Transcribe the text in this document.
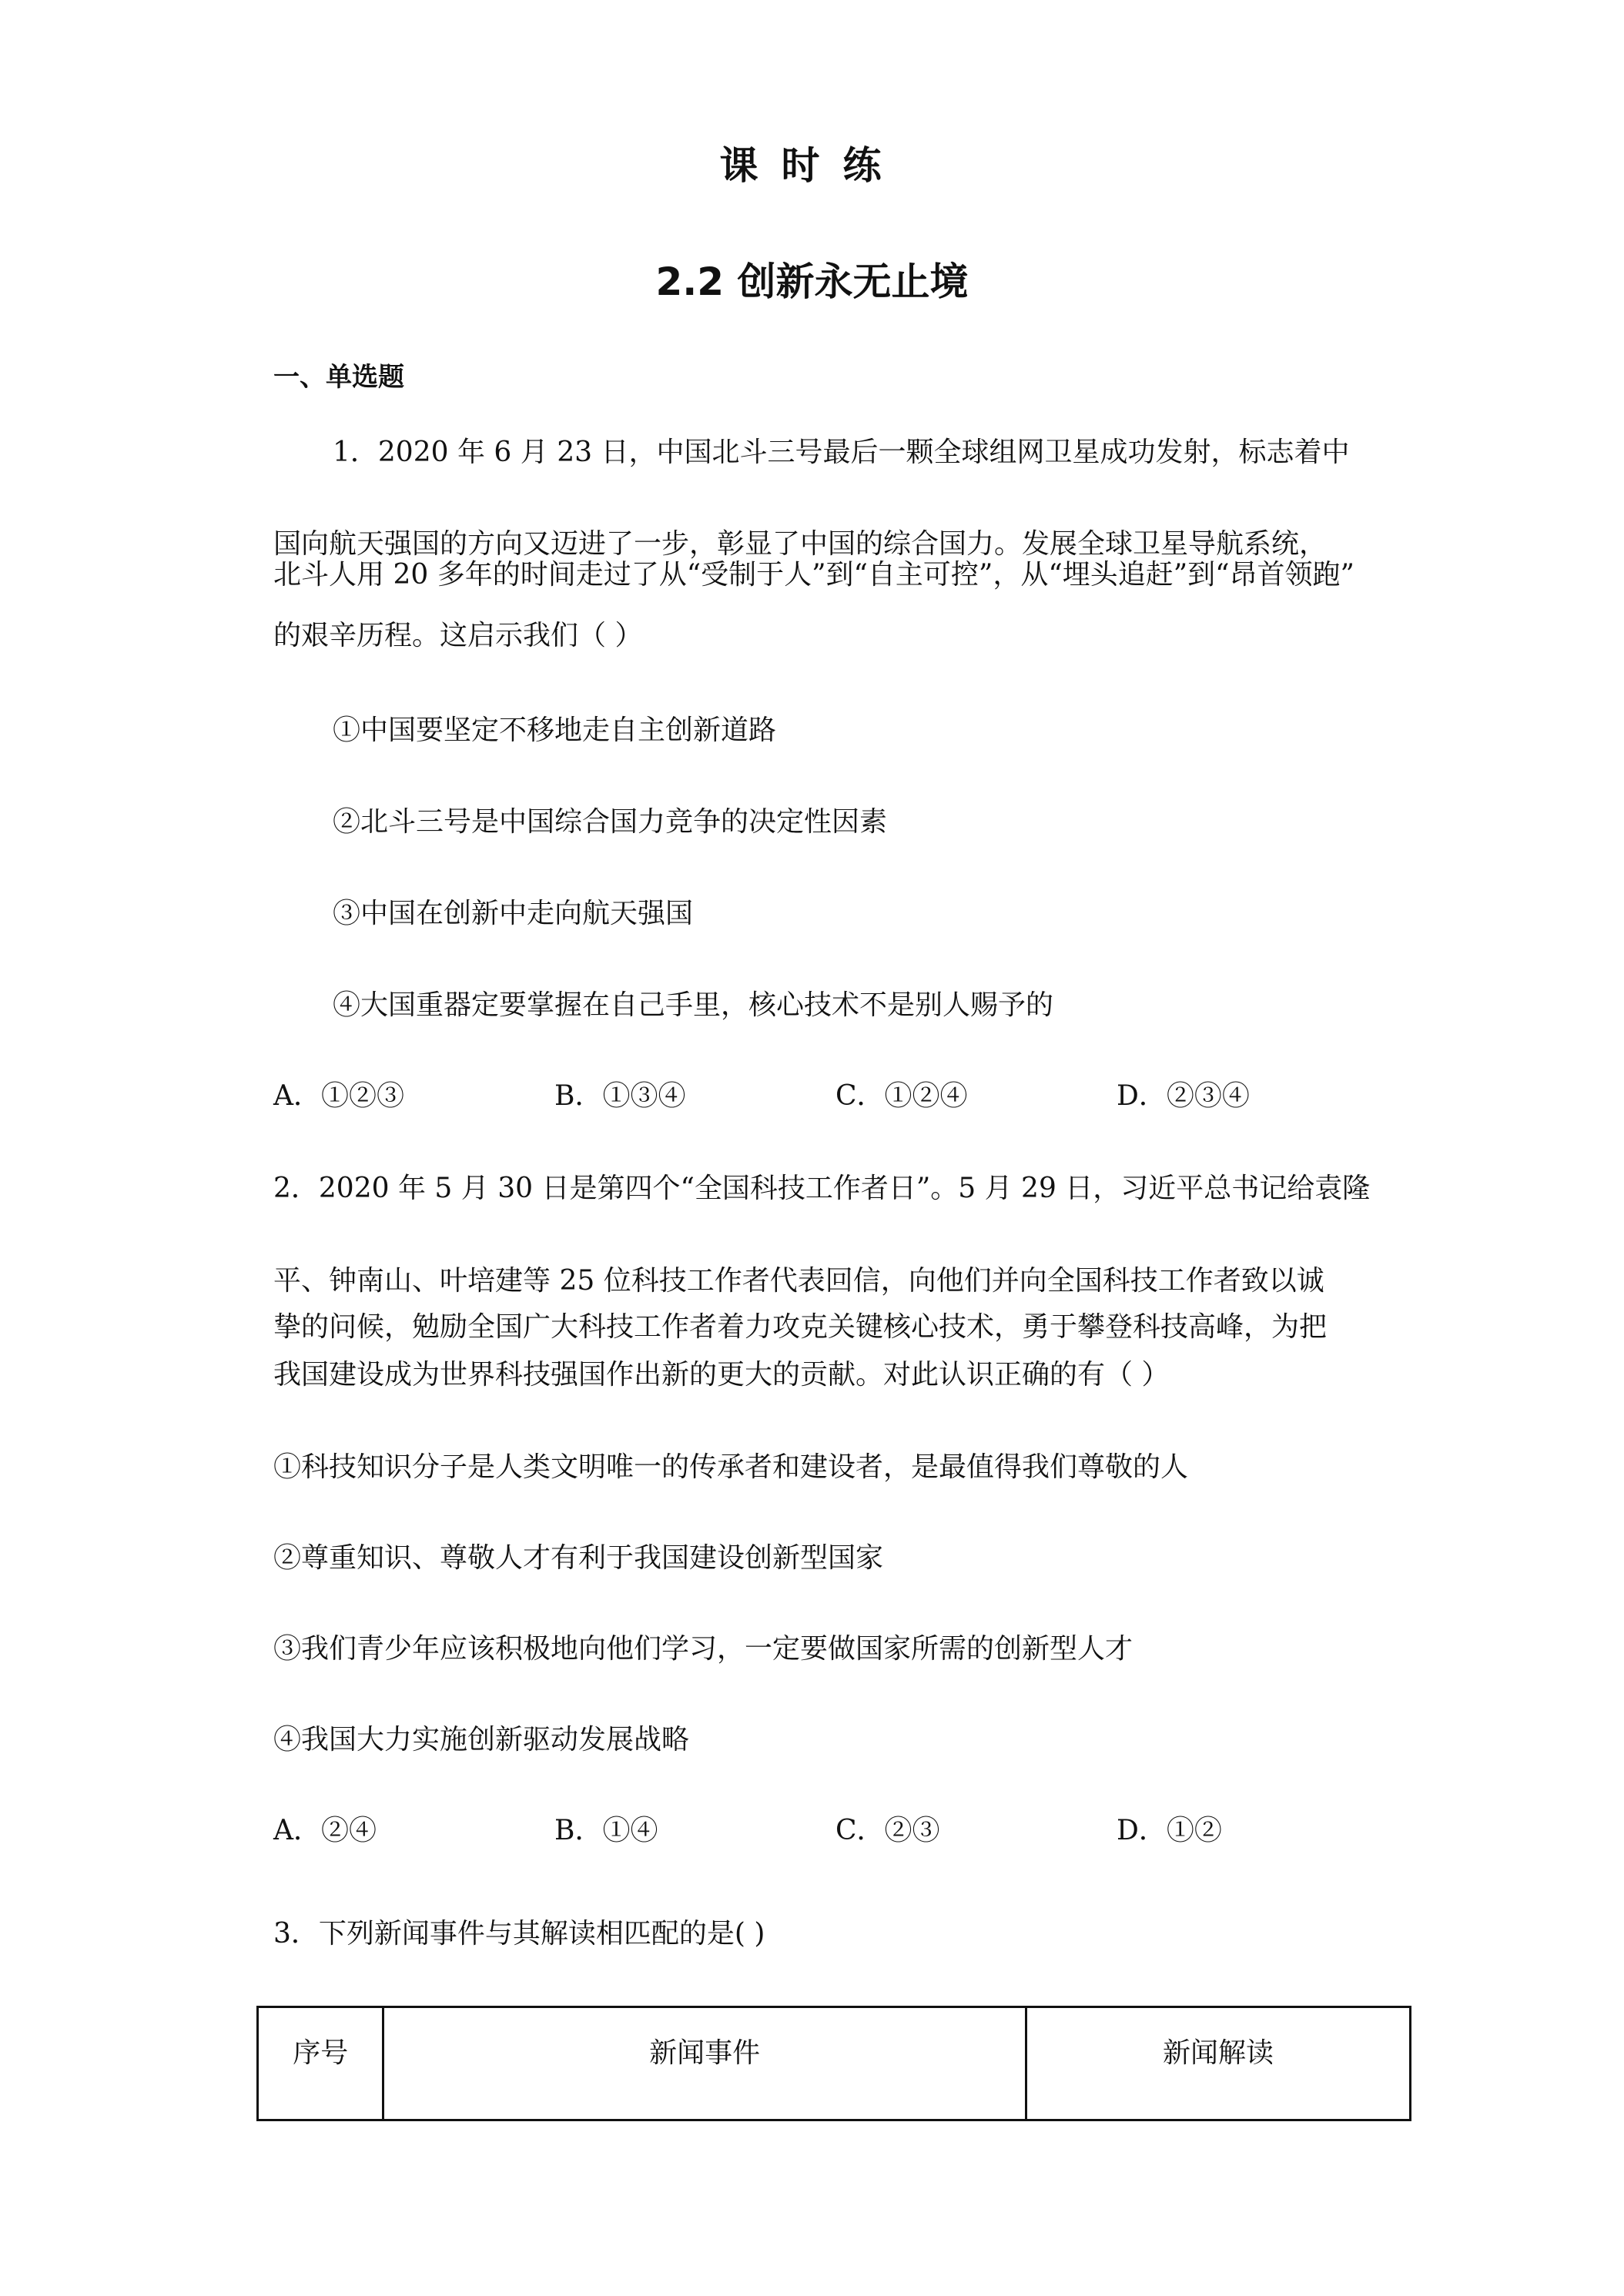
课时练
2.2 创新永无止境
一、单选题
1．2020 年 6 月 23 日，中国北斗三号最后一颗全球组网卫星成功发射，标志着中
国向航天强国的方向又迈进了一步，彰显了中国的综合国力。发展全球卫星导航系统，
北斗人用 20 多年的时间走过了从“受制于人”到“自主可控”，从“埋头追赶”到“昂首领跑”
的艰辛历程。这启示我们（ ）
①中国要坚定不移地走自主创新道路
②北斗三号是中国综合国力竞争的决定性因素
③中国在创新中走向航天强国
④大国重器定要掌握在自己手里，核心技术不是别人赐予的
A．①②③	B．①③④	C．①②④	D．②③④
2．2020 年 5 月 30 日是第四个“全国科技工作者日”。5 月 29 日，习近平总书记给袁隆
平、钟南山、叶培建等 25 位科技工作者代表回信，向他们并向全国科技工作者致以诚
挚的问候，勉励全国广大科技工作者着力攻克关键核心技术，勇于攀登科技高峰，为把
我国建设成为世界科技强国作出新的更大的贡献。对此认识正确的有（ ）
①科技知识分子是人类文明唯一的传承者和建设者，是最值得我们尊敬的人
②尊重知识、尊敬人才有利于我国建设创新型国家
③我们青少年应该积极地向他们学习，一定要做国家所需的创新型人才
④我国大力实施创新驱动发展战略
A．②④	B．①④	C．②③	D．①②
3．下列新闻事件与其解读相匹配的是( )
序号	新闻事件	新闻解读
